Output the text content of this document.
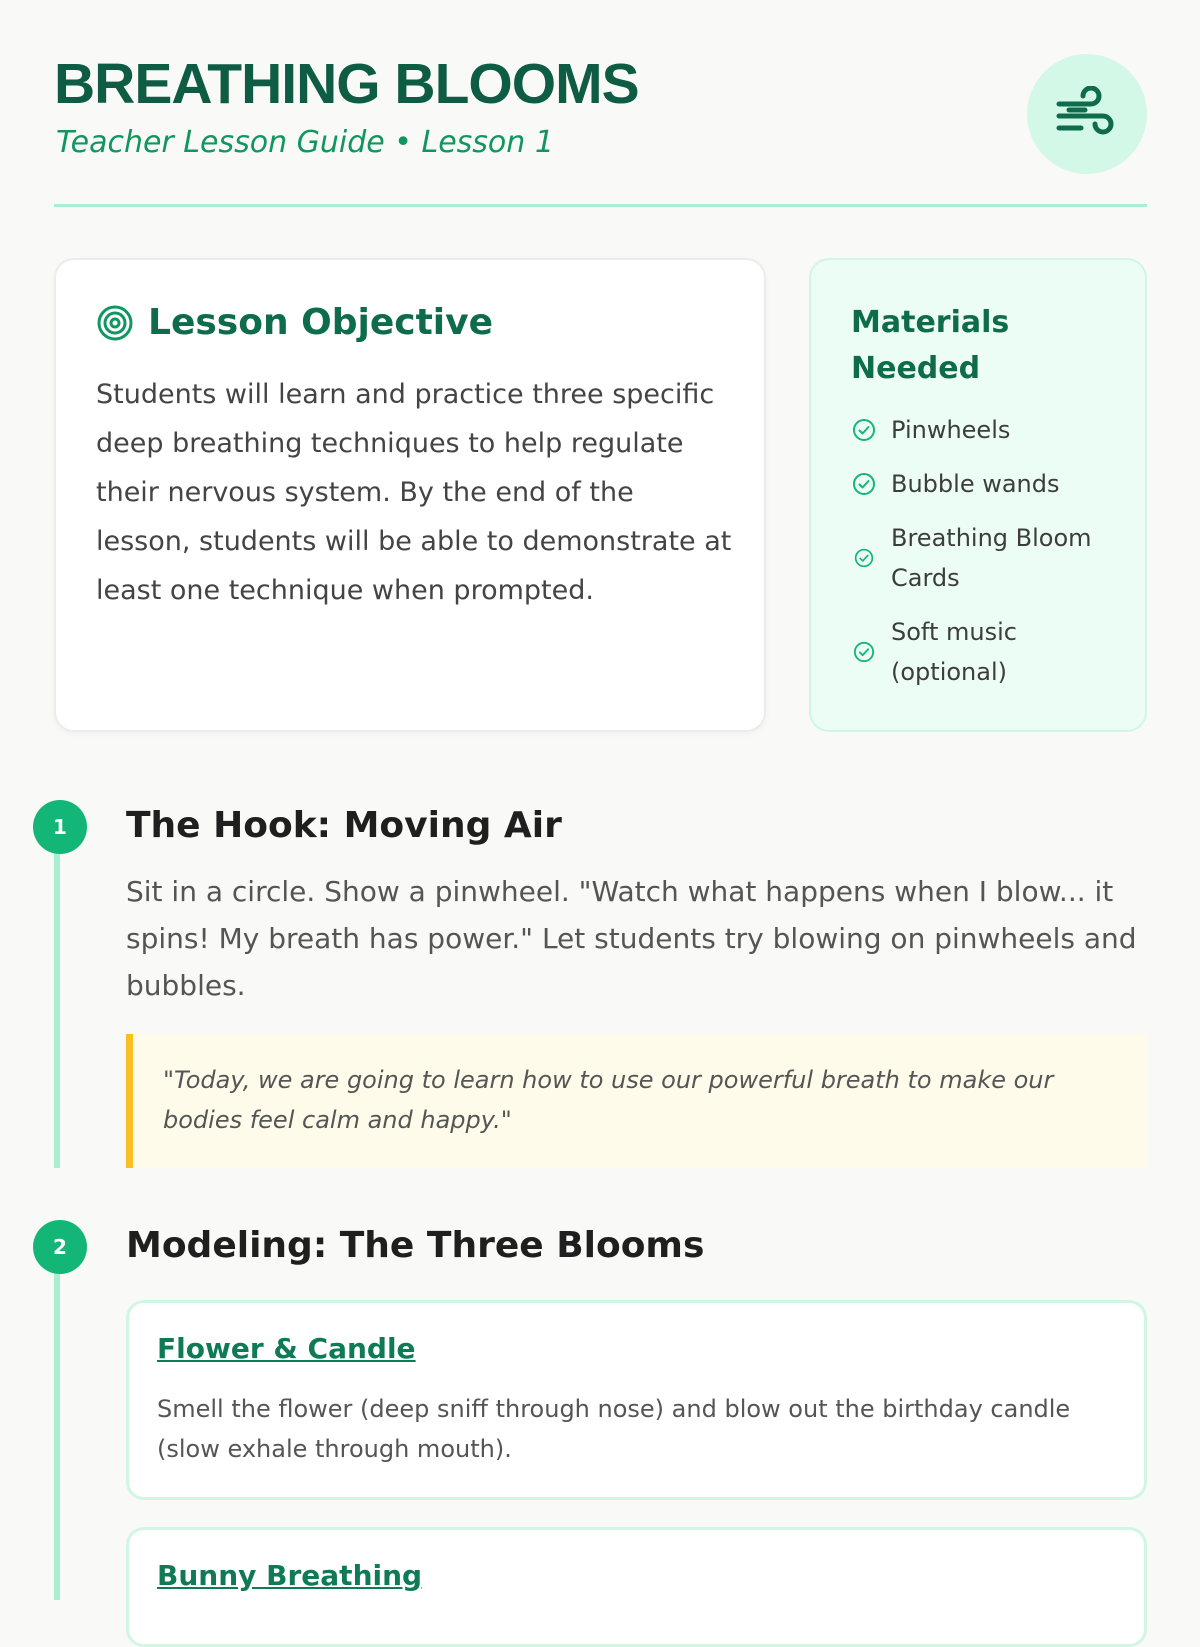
BREATHING BLOOMS
Teacher Lesson Guide • Lesson 1
Lesson Objective

Students will learn and practice three specific deep breathing techniques to help regulate their nervous system. By the end of the lesson, students will be able to demonstrate at least one technique when prompted.

Materials Needed
Pinwheels
Bubble wands
Breathing Bloom Cards
Soft music (optional)
1	The Hook: Moving Air

Sit in a circle. Show a pinwheel. "Watch what happens when I blow... it spins! My breath has power." Let students try blowing on pinwheels and bubbles.

"Today, we are going to learn how to use our powerful breath to make our bodies feel calm and happy."
2	Modeling: The Three Blooms
Flower & Candle

Smell the flower (deep sniff through nose) and blow out the birthday candle (slow exhale through mouth).

Bunny Breathing
